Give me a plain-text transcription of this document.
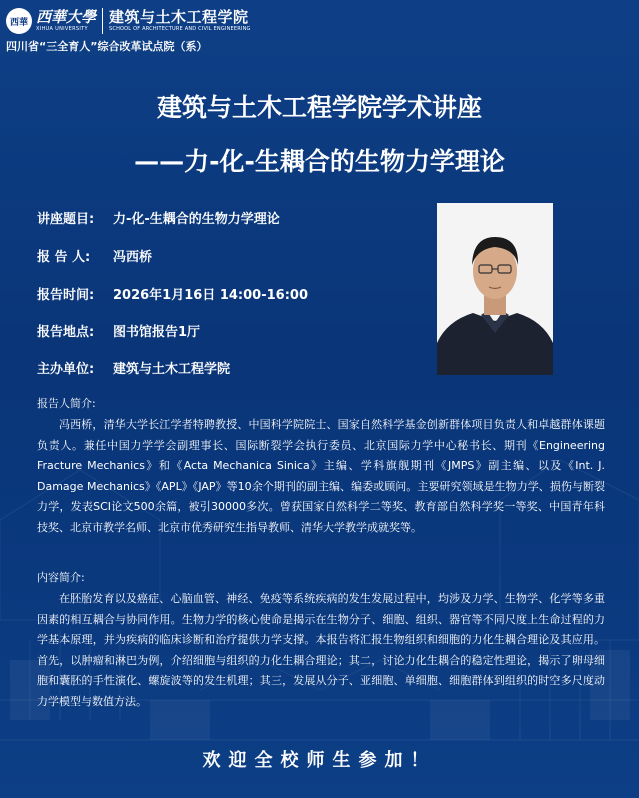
西華 西華大學
XIHUA UNIVERSITY
建筑与土木工程学院
SCHOOL OF ARCHITECTURE AND CIVIL ENGINEERING
四川省“三全育人”综合改革试点院（系）
建筑与土木工程学院学术讲座
——力-化-生耦合的生物力学理论
讲座题目: 力-化-生耦合的生物力学理论
报 告 人: 冯西桥
报告时间: 2026年1月16日 14:00-16:00
报告地点: 图书馆报告1厅
主办单位: 建筑与土木工程学院
报告人简介:
冯西桥，清华大学长江学者特聘教授、中国科学院院士、国家自然科学基金创新群体项目负责人和卓越群体课题负责人。兼任中国力学学会副理事长、国际断裂学会执行委员、北京国际力学中心秘书长、期刊《Engineering Fracture Mechanics》和《Acta Mechanica Sinica》主编、学科旗舰期刊《JMPS》副主编、以及《Int. J. Damage Mechanics》《APL》《JAP》等10余个期刊的副主编、编委或顾问。主要研究领域是生物力学、损伤与断裂力学，发表SCI论文500余篇，被引30000多次。曾获国家自然科学二等奖、教育部自然科学奖一等奖、中国青年科技奖、北京市教学名师、北京市优秀研究生指导教师、清华大学教学成就奖等。
内容简介:
在胚胎发育以及癌症、心脑血管、神经、免疫等系统疾病的发生发展过程中，均涉及力学、生物学、化学等多重因素的相互耦合与协同作用。生物力学的核心使命是揭示在生物分子、细胞、组织、器官等不同尺度上生命过程的力学基本原理，并为疾病的临床诊断和治疗提供力学支撑。本报告将汇报生物组织和细胞的力化生耦合理论及其应用。首先，以肿瘤和淋巴为例，介绍细胞与组织的力化生耦合理论；其二，讨论力化生耦合的稳定性理论，揭示了卵母细胞和囊胚的手性演化、螺旋波等的发生机理；其三，发展从分子、亚细胞、单细胞、细胞群体到组织的时空多尺度动力学模型与数值方法。
欢迎全校师生参加！
